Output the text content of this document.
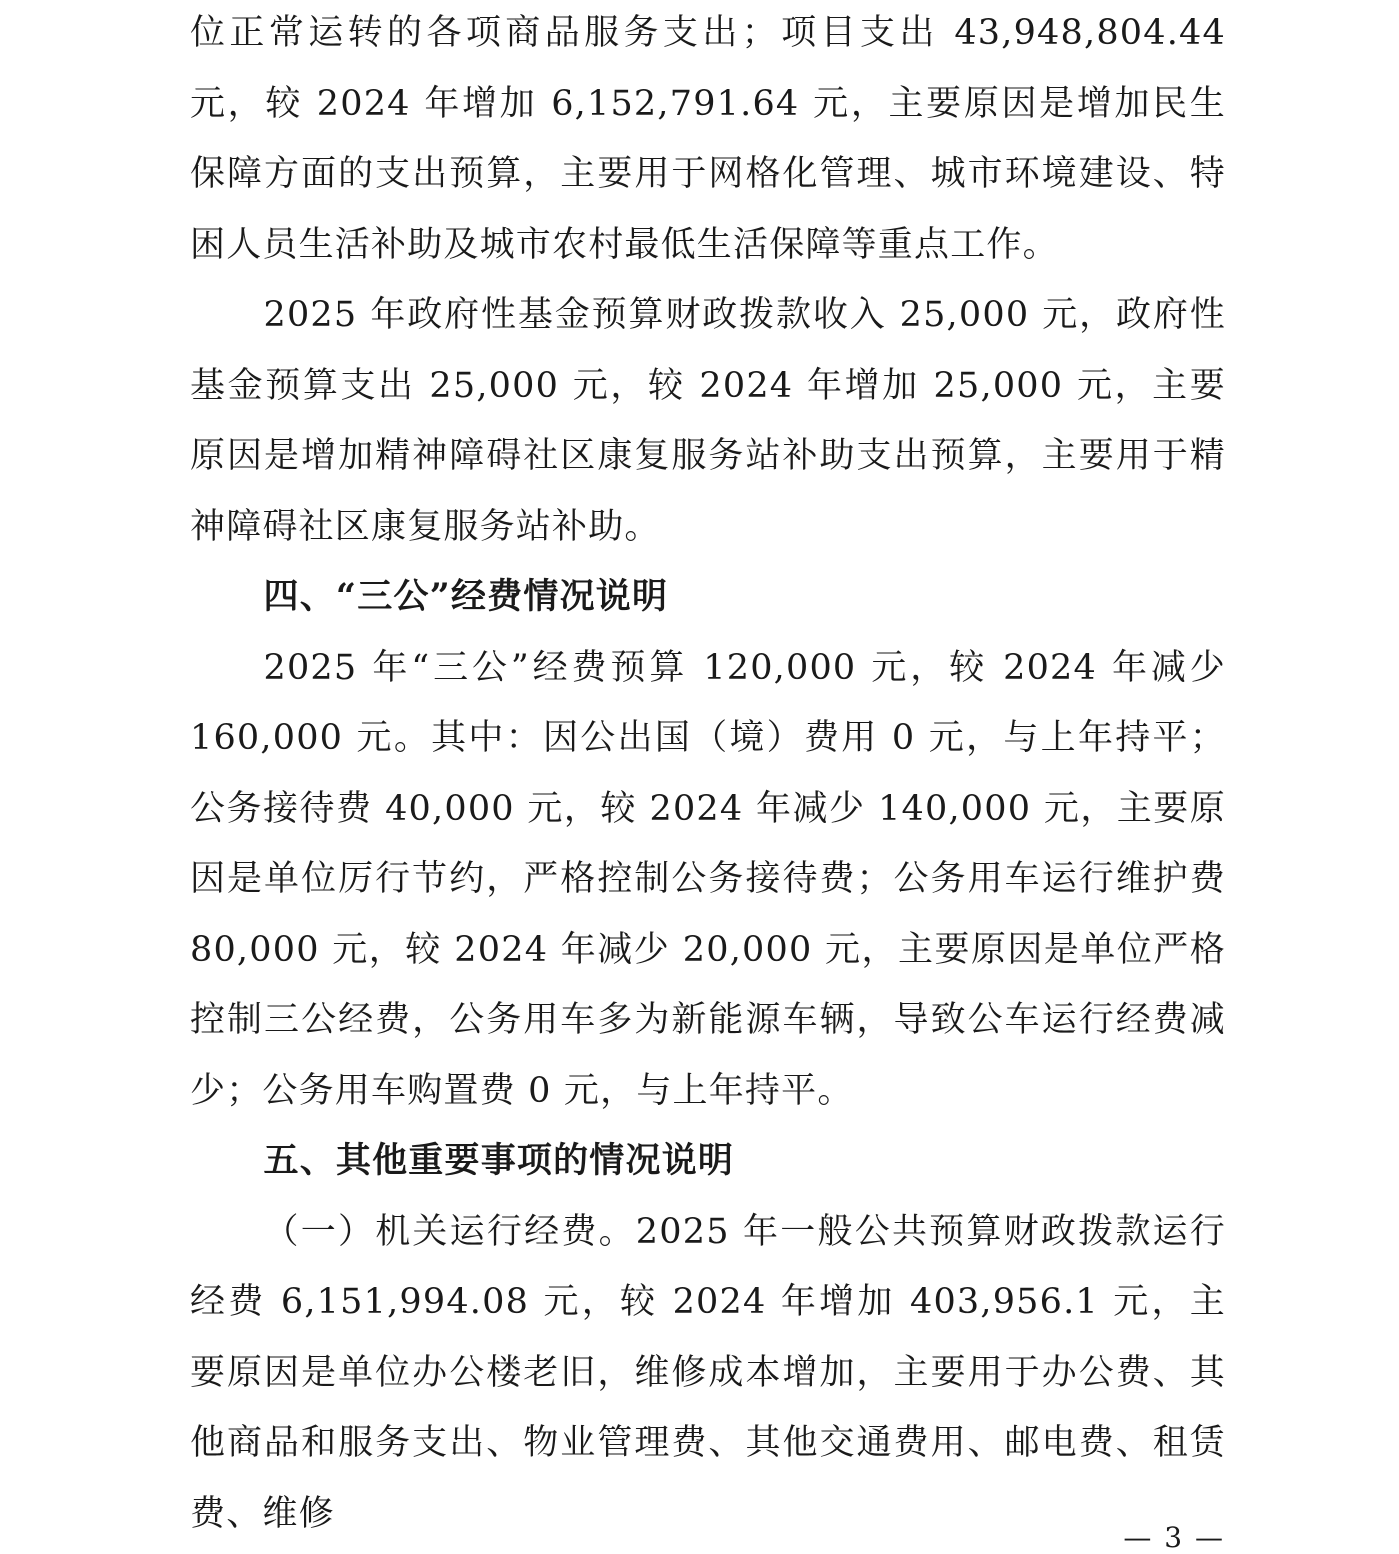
位正常运转的各项商品服务支出；项目支出 43,948,804.44 元，较 2024 年增加 6,152,791.64 元，主要原因是增加民生保障方面的支出预算，主要用于网格化管理、城市环境建设、特困人员生活补助及城市农村最低生活保障等重点工作。

2025 年政府性基金预算财政拨款收入 25,000 元，政府性基金预算支出 25,000 元，较 2024 年增加 25,000 元，主要原因是增加精神障碍社区康复服务站补助支出预算，主要用于精神障碍社区康复服务站补助。

四、“三公”经费情况说明

2025 年“三公”经费预算 120,000 元，较 2024 年减少 160,000 元。其中：因公出国（境）费用 0 元，与上年持平；公务接待费 40,000 元，较 2024 年减少 140,000 元，主要原因是单位厉行节约，严格控制公务接待费；公务用车运行维护费 80,000 元，较 2024 年减少 20,000 元，主要原因是单位严格控制三公经费，公务用车多为新能源车辆，导致公车运行经费减少；公务用车购置费 0 元，与上年持平。

五、其他重要事项的情况说明

（一）机关运行经费。2025 年一般公共预算财政拨款运行经费 6,151,994.08 元，较 2024 年增加 403,956.1 元，主要原因是单位办公楼老旧，维修成本增加，主要用于办公费、其他商品和服务支出、物业管理费、其他交通费用、邮电费、租赁费、维修

— 3 —
